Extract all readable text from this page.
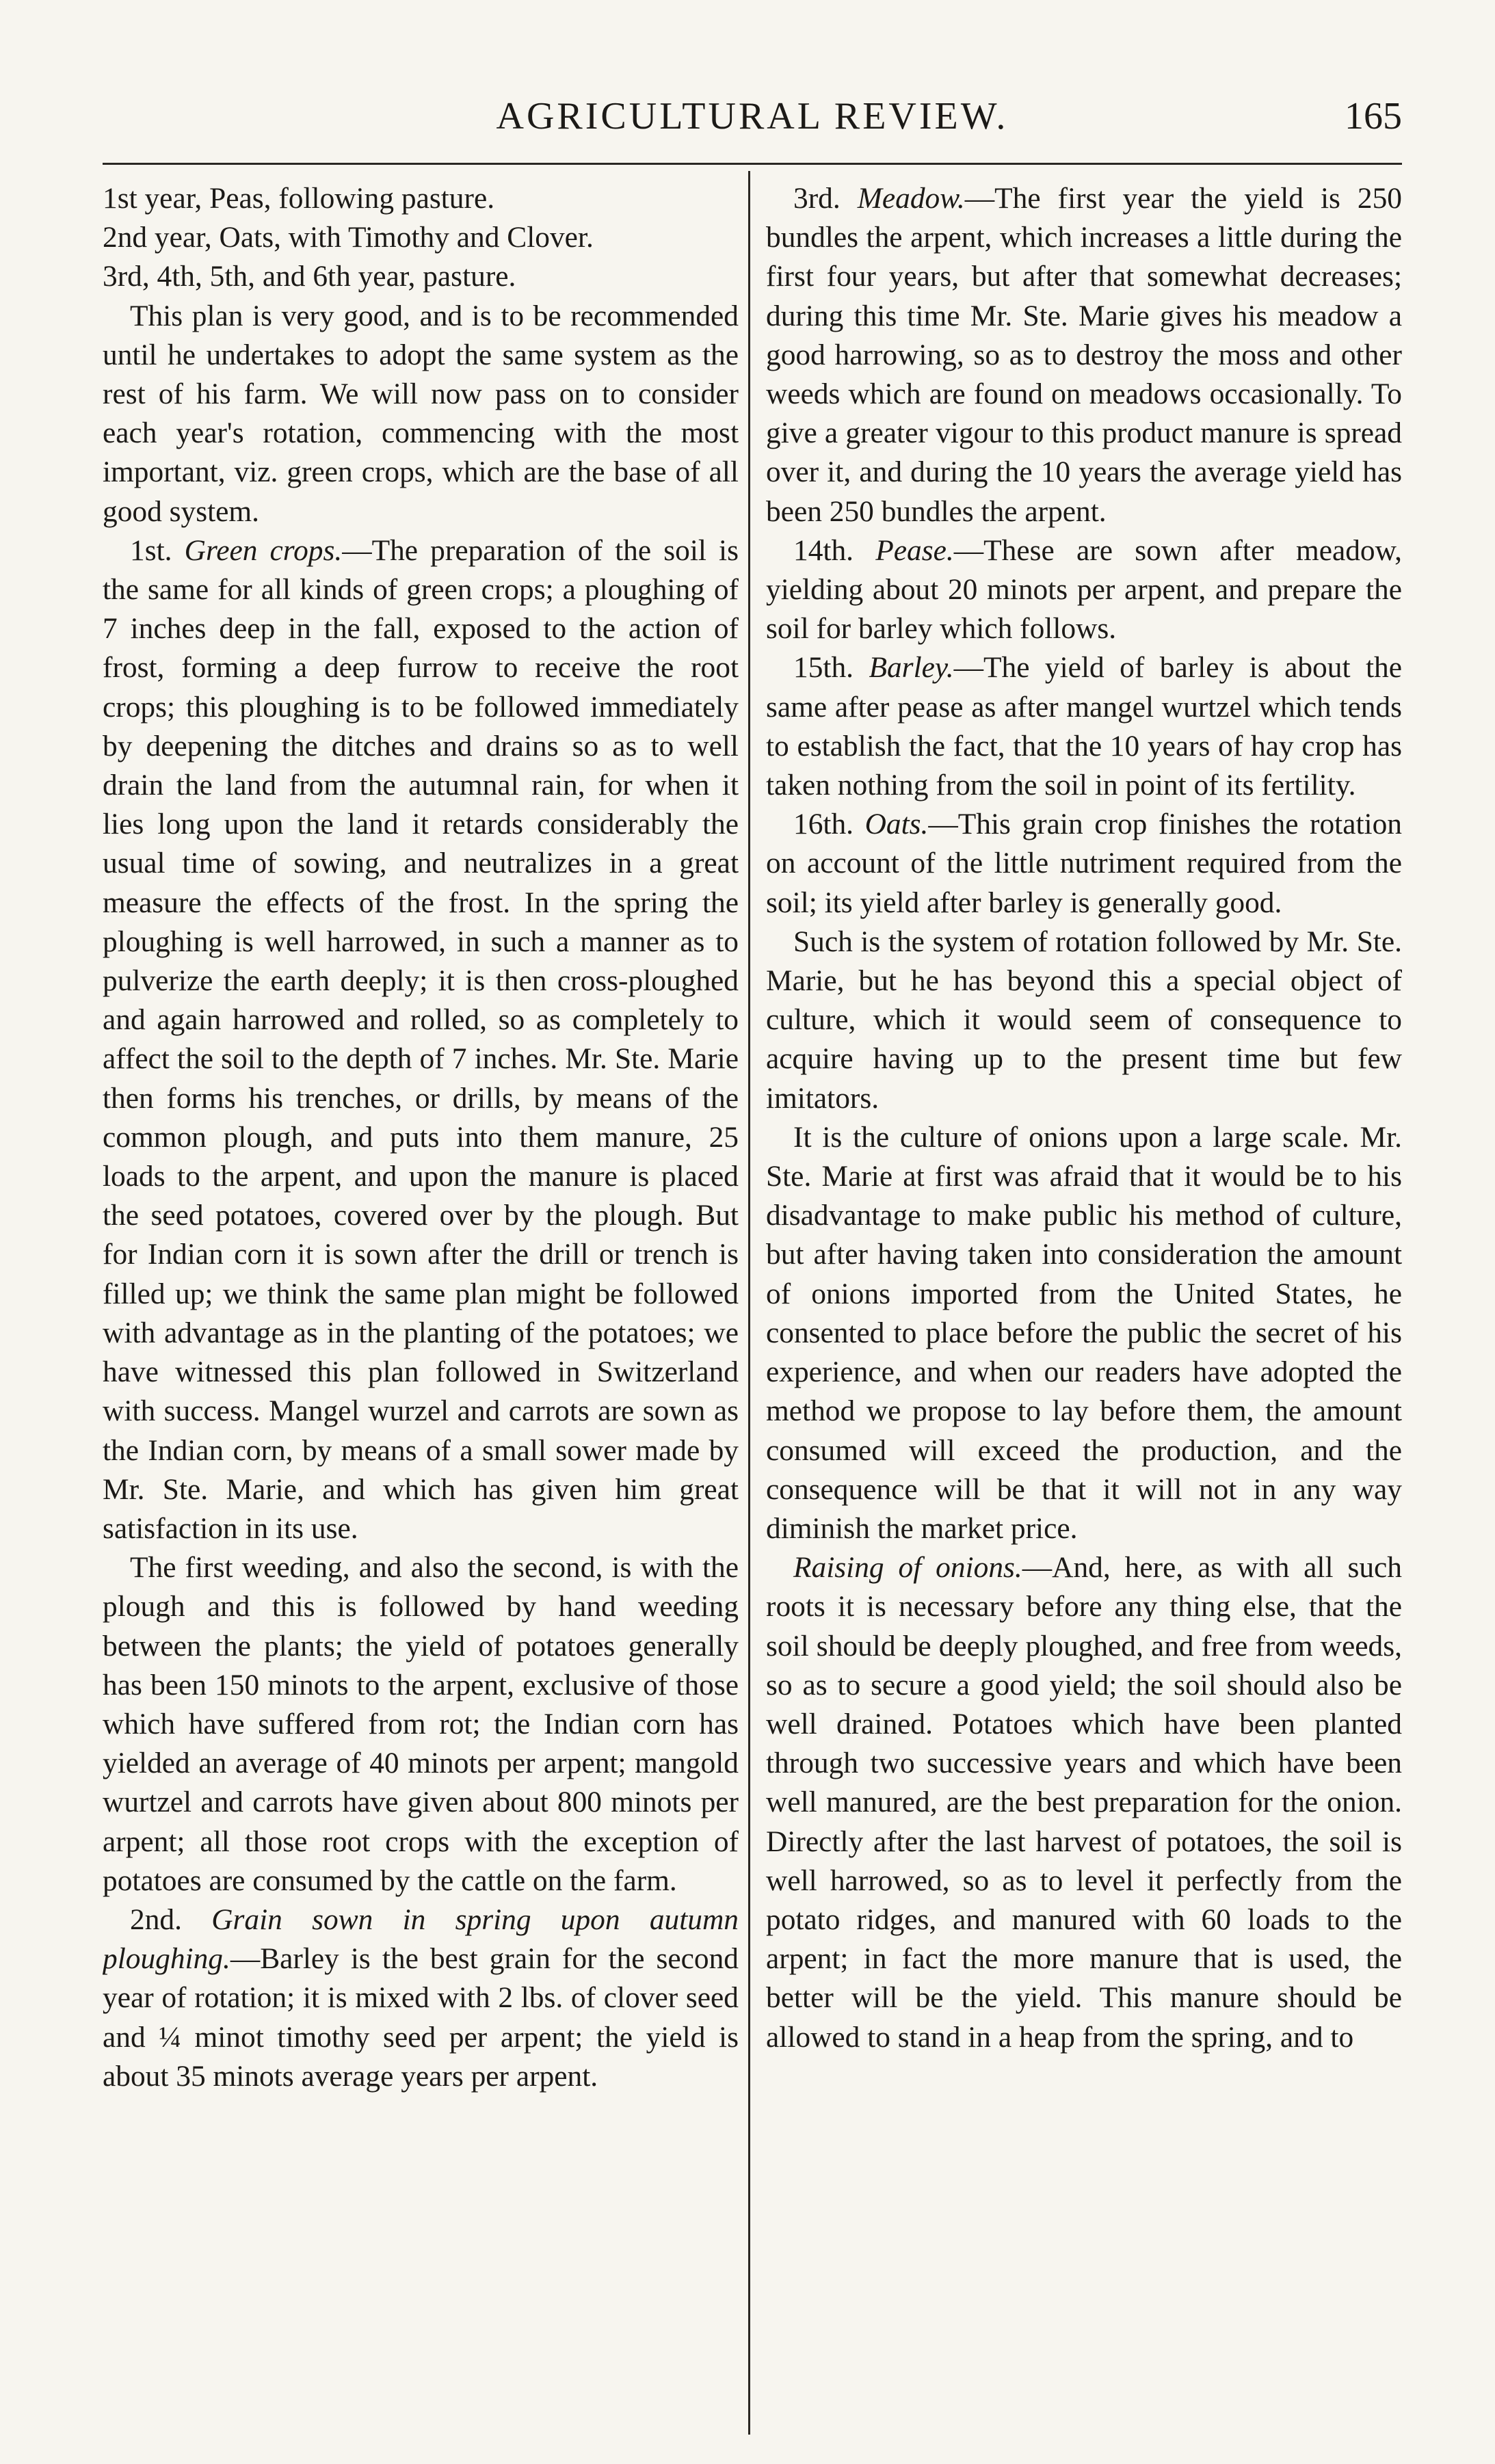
AGRICULTURAL REVIEW.	165
1st year, Peas, following pasture.
2nd year, Oats, with Timothy and Clover.
3rd, 4th, 5th, and 6th year, pasture.

This plan is very good, and is to be recommended until he undertakes to adopt the same system as the rest of his farm. We will now pass on to consider each year's rotation, commencing with the most important, viz. green crops, which are the base of all good system.

1st. Green crops.—The preparation of the soil is the same for all kinds of green crops; a ploughing of 7 inches deep in the fall, exposed to the action of frost, forming a deep furrow to receive the root crops; this ploughing is to be followed immediately by deepening the ditches and drains so as to well drain the land from the autumnal rain, for when it lies long upon the land it retards considerably the usual time of sowing, and neutralizes in a great measure the effects of the frost. In the spring the ploughing is well harrowed, in such a manner as to pulverize the earth deeply; it is then cross-ploughed and again harrowed and rolled, so as completely to affect the soil to the depth of 7 inches. Mr. Ste. Marie then forms his trenches, or drills, by means of the common plough, and puts into them manure, 25 loads to the arpent, and upon the manure is placed the seed potatoes, covered over by the plough. But for Indian corn it is sown after the drill or trench is filled up; we think the same plan might be followed with advantage as in the planting of the potatoes; we have witnessed this plan followed in Switzerland with success. Mangel wurzel and carrots are sown as the Indian corn, by means of a small sower made by Mr. Ste. Marie, and which has given him great satisfaction in its use.

The first weeding, and also the second, is with the plough and this is followed by hand weeding between the plants; the yield of potatoes generally has been 150 minots to the arpent, exclusive of those which have suffered from rot; the Indian corn has yielded an average of 40 minots per arpent; mangold wurtzel and carrots have given about 800 minots per arpent; all those root crops with the exception of potatoes are consumed by the cattle on the farm.

2nd. Grain sown in spring upon autumn ploughing.—Barley is the best grain for the second year of rotation; it is mixed with 2 lbs. of clover seed and ¼ minot timothy seed per arpent; the yield is about 35 minots average years per arpent.

3rd. Meadow.—The first year the yield is 250 bundles the arpent, which increases a little during the first four years, but after that somewhat decreases; during this time Mr. Ste. Marie gives his meadow a good harrowing, so as to destroy the moss and other weeds which are found on meadows occasionally. To give a greater vigour to this product manure is spread over it, and during the 10 years the average yield has been 250 bundles the arpent.

14th. Pease.—These are sown after meadow, yielding about 20 minots per arpent, and prepare the soil for barley which follows.

15th. Barley.—The yield of barley is about the same after pease as after mangel wurtzel which tends to establish the fact, that the 10 years of hay crop has taken nothing from the soil in point of its fertility.

16th. Oats.—This grain crop finishes the rotation on account of the little nutriment required from the soil; its yield after barley is generally good.

Such is the system of rotation followed by Mr. Ste. Marie, but he has beyond this a special object of culture, which it would seem of consequence to acquire having up to the present time but few imitators.

It is the culture of onions upon a large scale. Mr. Ste. Marie at first was afraid that it would be to his disadvantage to make public his method of culture, but after having taken into consideration the amount of onions imported from the United States, he consented to place before the public the secret of his experience, and when our readers have adopted the method we propose to lay before them, the amount consumed will exceed the production, and the consequence will be that it will not in any way diminish the market price.

Raising of onions.—And, here, as with all such roots it is necessary before any thing else, that the soil should be deeply ploughed, and free from weeds, so as to secure a good yield; the soil should also be well drained. Potatoes which have been planted through two successive years and which have been well manured, are the best preparation for the onion. Directly after the last harvest of potatoes, the soil is well harrowed, so as to level it perfectly from the potato ridges, and manured with 60 loads to the arpent; in fact the more manure that is used, the better will be the yield. This manure should be allowed to stand in a heap from the spring, and to
